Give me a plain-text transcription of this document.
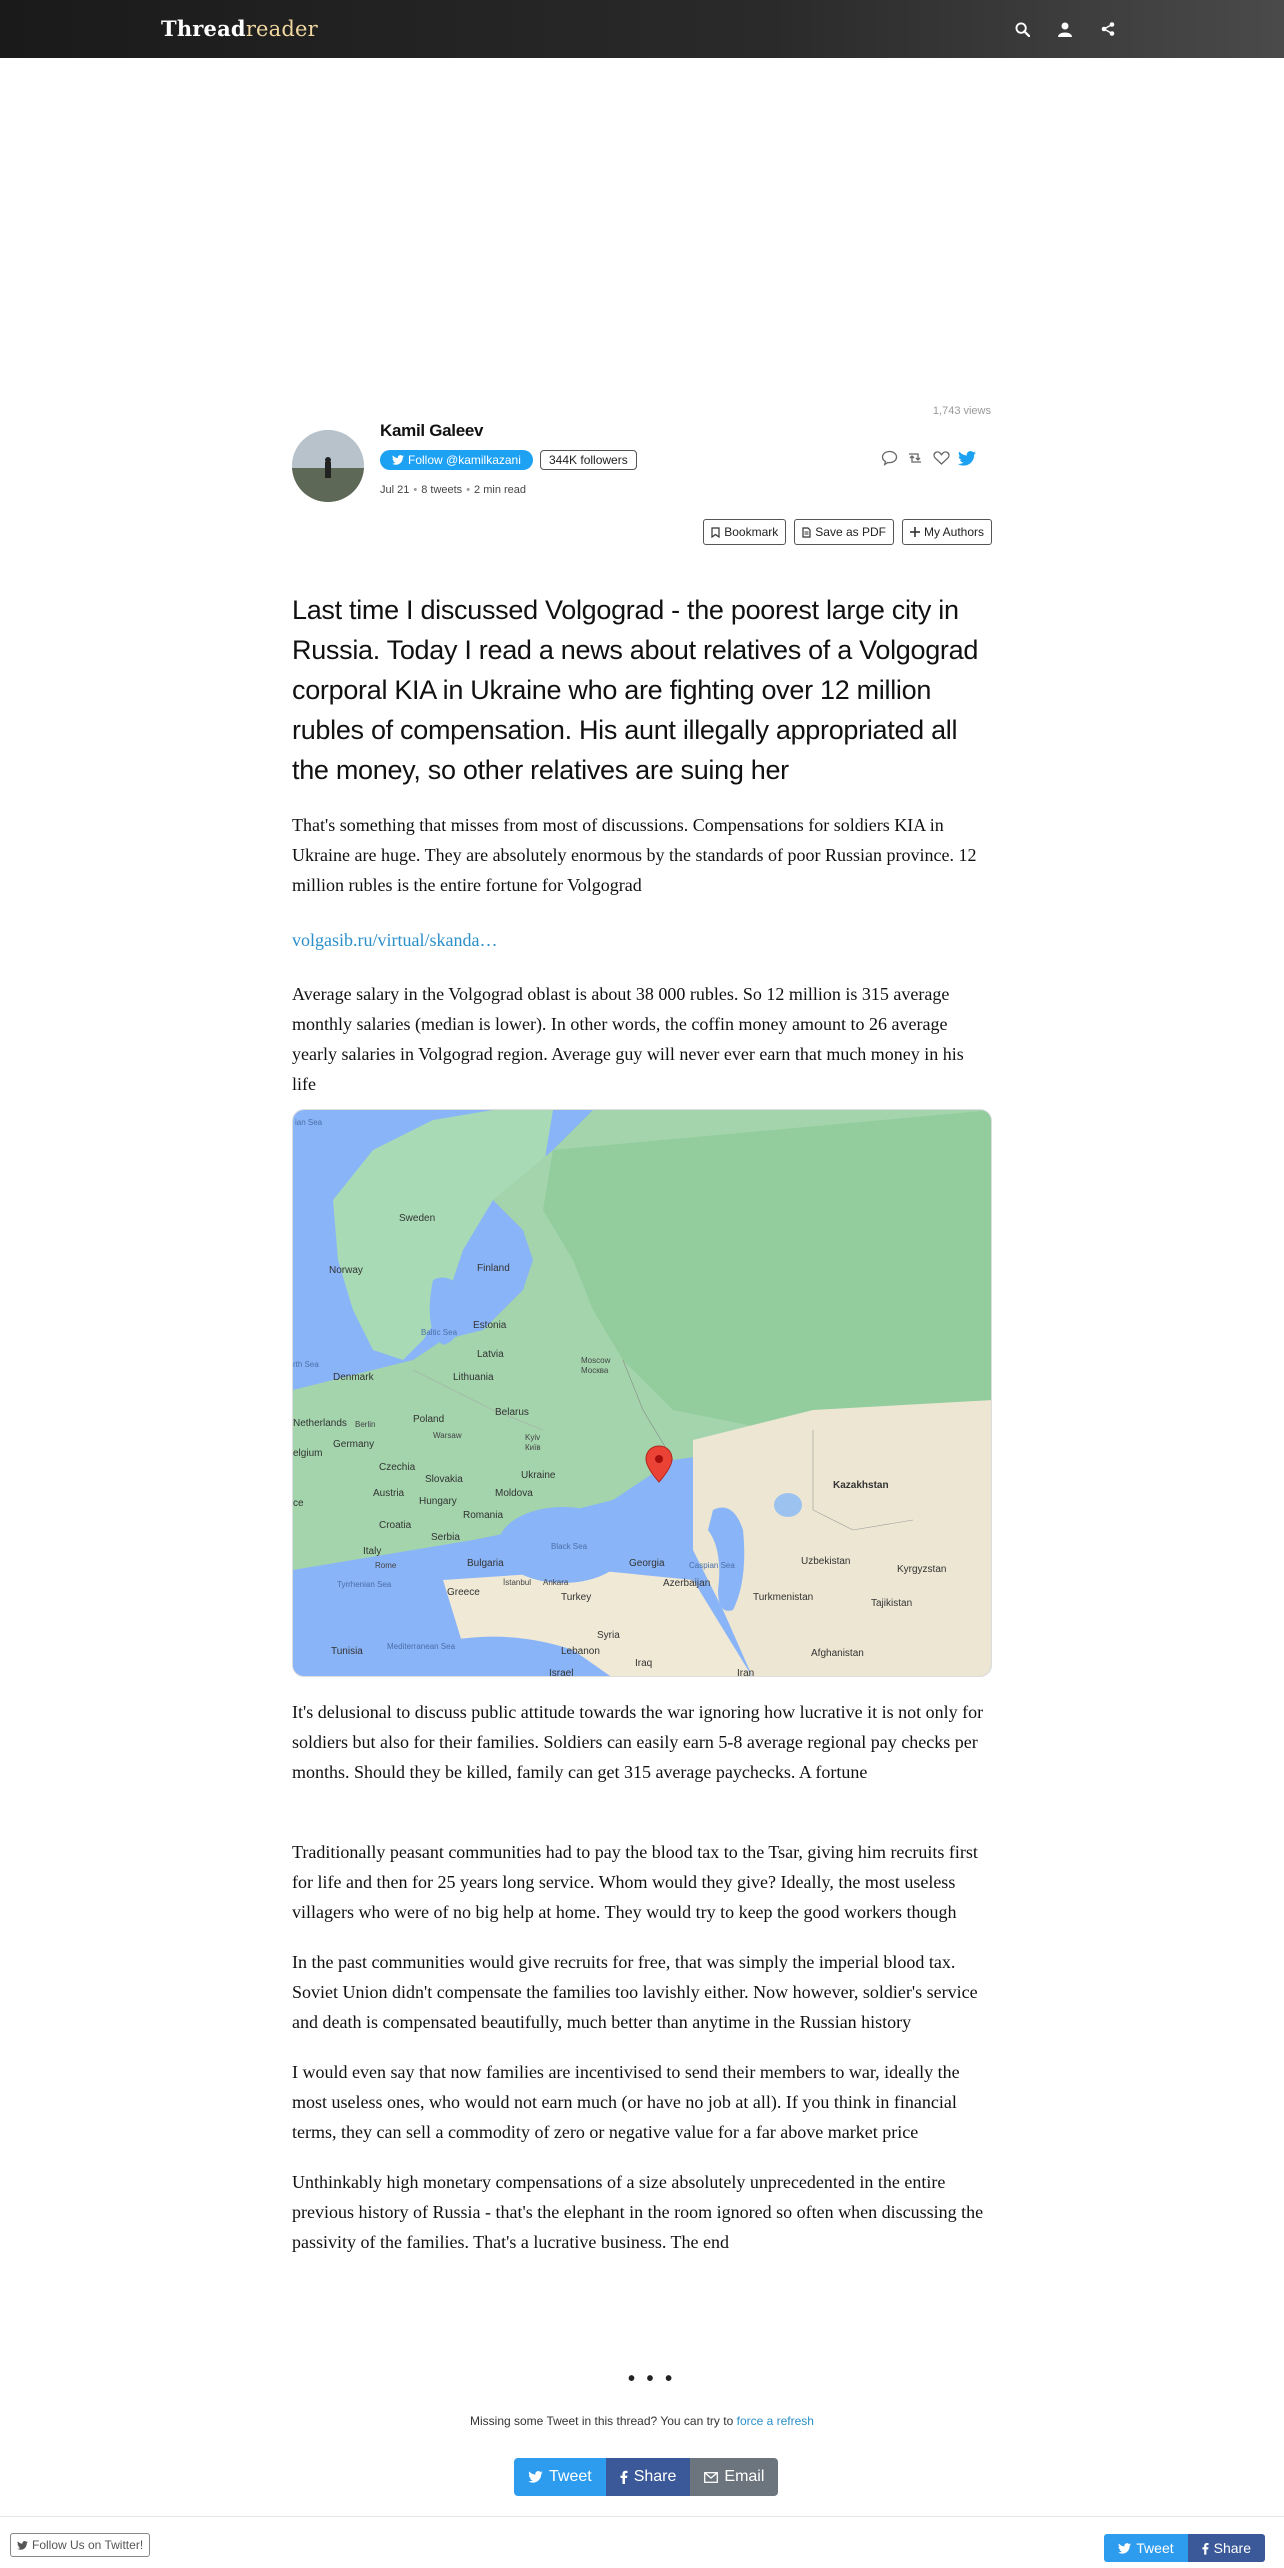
Threadreader
1,743 views
Kamil Galeev
Follow @kamilkazani	344K followers
Jul 21 • 8 tweets • 2 min read
Bookmark	Save as PDF	My Authors
Last time I discussed Volgograd - the poorest large city in Russia. Today I read a news about relatives of a Volgograd corporal KIA in Ukraine who are fighting over 12 million rubles of compensation. His aunt illegally appropriated all the money, so other relatives are suing her
That's something that misses from most of discussions. Compensations for soldiers KIA in Ukraine are huge. They are absolutely enormous by the standards of poor Russian province. 12 million rubles is the entire fortune for Volgograd
volgasib.ru/virtual/skanda…
Average salary in the Volgograd oblast is about 38 000 rubles. So 12 million is 315 average monthly salaries (median is lower). In other words, the coffin money amount to 26 average yearly salaries in Volgograd region. Average guy will never ever earn that much money in his life
ian Sea
Sweden
Norway	Finland
Estonia
Baltic Sea
Latvia
rth Sea
Denmark	Lithuania
Moscow
Москва
Belarus
Netherlands Berlin	Poland
Warsaw	Kyiv
Київ
Germany
elgium
Czechia
Slovakia	Ukraine
Kazakhstan
ce
Austria
Hungary
Moldova
Romania
Croatia
Serbia
Black Sea
Italy
Rome	Bulgaria	Georgia	Caspian Sea	Uzbekistan
Kyrgyzstan
Tyrrhenian Sea	İstanbul Ankara	Azerbaijan
Greece	Turkey	Turkmenistan
Tajikistan
Mediterranean Sea
Syria
Tunisia	Lebanon	Afghanistan
Iraq
Israel	Iran
It's delusional to discuss public attitude towards the war ignoring how lucrative it is not only for soldiers but also for their families. Soldiers can easily earn 5-8 average regional pay checks per months. Should they be killed, family can get 315 average paychecks. A fortune
Traditionally peasant communities had to pay the blood tax to the Tsar, giving him recruits first for life and then for 25 years long service. Whom would they give? Ideally, the most useless villagers who were of no big help at home. They would try to keep the good workers though
In the past communities would give recruits for free, that was simply the imperial blood tax. Soviet Union didn't compensate the families too lavishly either. Now however, soldier's service and death is compensated beautifully, much better than anytime in the Russian history
I would even say that now families are incentivised to send their members to war, ideally the most useless ones, who would not earn much (or have no job at all). If you think in financial terms, they can sell a commodity of zero or negative value for a far above market price
Unthinkably high monetary compensations of a size absolutely unprecedented in the entire previous history of Russia - that's the elephant in the room ignored so often when discussing the passivity of the families. That's a lucrative business. The end
• • •
Missing some Tweet in this thread? You can try to force a refresh
Tweet	Share	Email
Follow Us on Twitter!	Tweet	Share
